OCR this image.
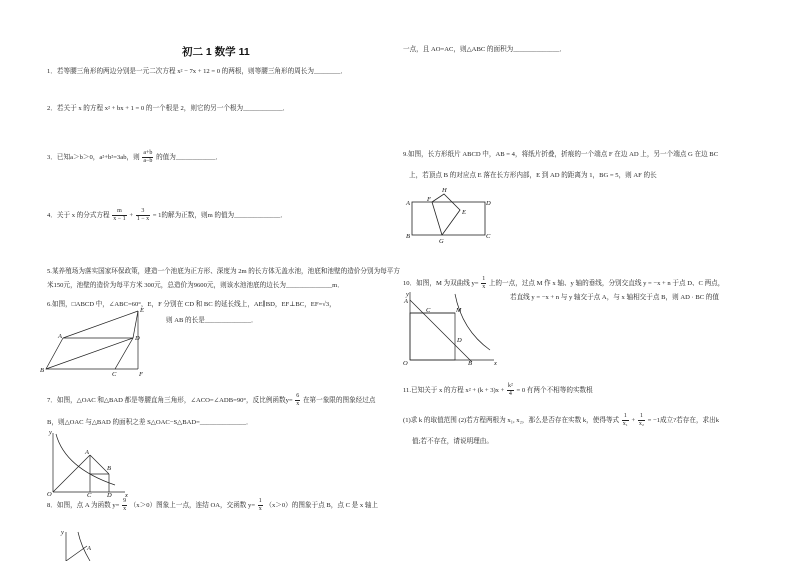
初二 1 数学 11
1．若等腰三角形的两边分别是一元二次方程 x² − 7x + 12 = 0 的两根，则等腰三角形的周长为________．
2．若关于 x 的方程 x² + bx + 1 = 0 的一个根是 2，则它的另一个根为____________．
3．已知a＞b＞0，a²+b²=3ab，则 $\frac{a+b}{a-b}$ 的值为____________．
4．关于 x 的分式方程 $\frac{m}{x - 1} + \frac{3}{1 - x} = 1$的解为正数，则m 的值为______________．
5.某养殖场为落实国家环保政策，建造一个池底为正方形、深度为 2m 的长方体无盖水池，池底和池壁的造价分别为每平方
米150元，池壁的造价为每平方米 300元，总造价为9600元，则该水池池底的边长为______________m．
6.如图，□ABCD 中，∠ABC=60°，E，F 分别在 CD 和 BC 的延长线上，AE∥BD，EF⊥BC，EF=√3，
则 AB 的长是______________．
A
B
C
D
E
F
7．如图，△OAC 和△BAD 都是等腰直角三角形，∠ACO=∠ADB=90°，反比例函数$y= \frac{6}{x}$ 在第一象限的图象经过点
B，则△OAC 与△BAD 的面积之差 S△OAC−S△BAD=______________．
y
x
O
A
B
C D
8．如图，点 A 为函数 $y= \frac{9}{x} (x>0)$图象上一点，连结 OA，交函数 $y= \frac{1}{x} (x>0)$的图象于点 B，点 C 是 x 轴上
y
A
一点，且 AO=AC，则△ABC 的面积为______________．
9.如图，长方形纸片 ABCD 中，AB = 4，将纸片折叠，折痕的一个端点 F 在边 AD 上，另一个端点 G 在边 BC
上，若顶点 B 的对应点 E 落在长方形内部，E 到 AD 的距离为 1，BG = 5，则 AF 的长
A
B	C
D
E
F
G
H
10．如图，M 为双曲线 $y= \frac{1}{x}$ 上的一点，过点 M 作 x 轴、y 轴的垂线，分别交直线 y = −x + n 于点 D、C 两点，
若直线 y = −x + n 与 y 轴交于点 A，与 x 轴相交于点 B，则 AD · BC 的值
y
x
O
A
B
C
D
M
11.已知关于 x 的方程 $x^2 + (k + 3)x + \frac{\text{k²}}{4} = 0$ 有两个不相等的实数根
(1)求 k 的取值范围 (2)若方程两根为 x₁, x₂，那么是否存在实数 k，使得等式 $\frac{1}{\text{x₁}} + \frac{1}{\text{x₂}} = -1$成立?若存在，求出k
值;若不存在，请说明理由。
